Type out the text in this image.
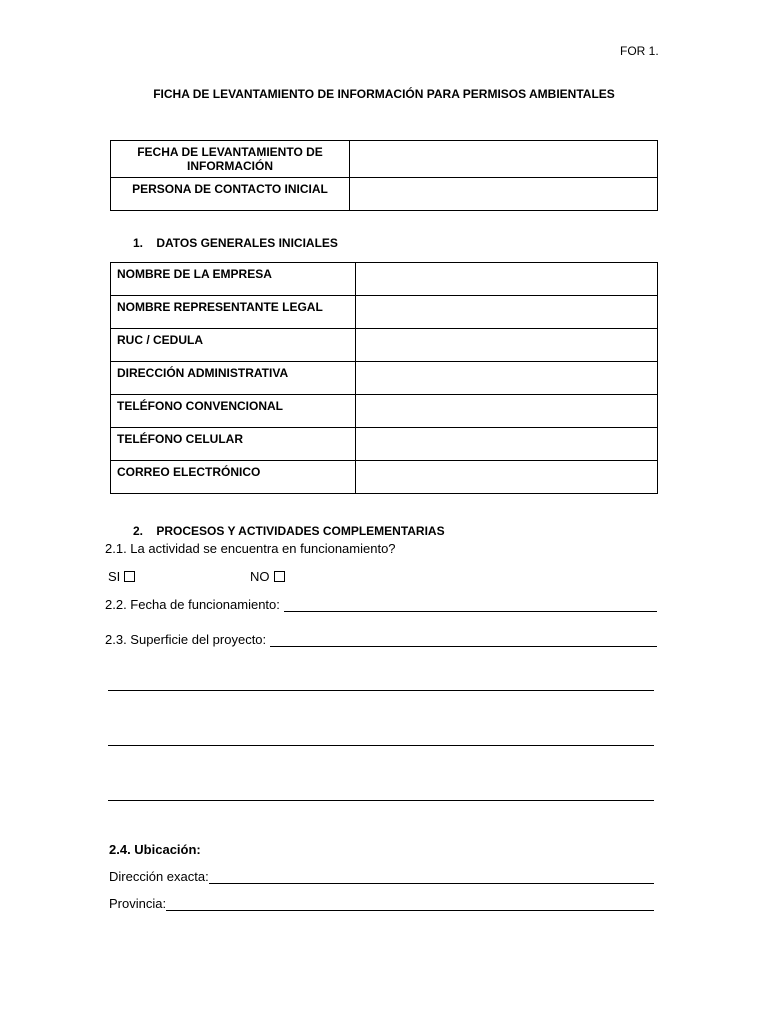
FOR 1.
FICHA DE LEVANTAMIENTO DE INFORMACIÓN PARA PERMISOS AMBIENTALES
FECHA DE LEVANTAMIENTO DE INFORMACIÓN	
PERSONA DE CONTACTO INICIAL	
1.    DATOS GENERALES INICIALES
NOMBRE DE LA EMPRESA	
NOMBRE REPRESENTANTE LEGAL	
RUC / CEDULA	
DIRECCIÓN ADMINISTRATIVA	
TELÉFONO CONVENCIONAL	
TELÉFONO CELULAR	
CORREO ELECTRÓNICO	
2.    PROCESOS Y ACTIVIDADES COMPLEMENTARIAS
2.1. La actividad se encuentra en funcionamiento?
SI	NO
2.2. Fecha de funcionamiento:
2.3. Superficie del proyecto:
2.4. Ubicación:
Dirección exacta:
Provincia:
